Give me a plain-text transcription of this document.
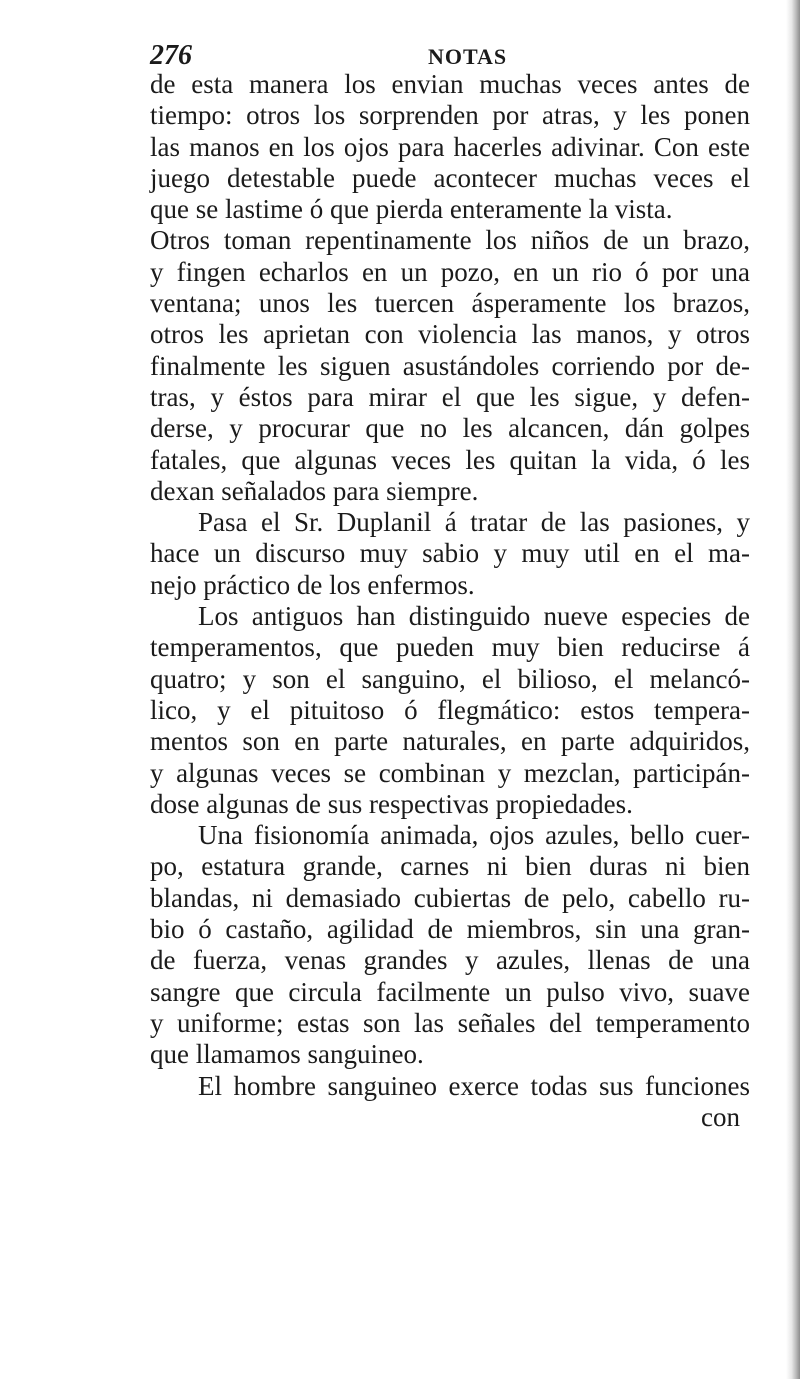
276	NOTAS
de esta manera los envian muchas veces antes de
tiempo: otros los sorprenden por atras, y les ponen
las manos en los ojos para hacerles adivinar. Con este
juego detestable puede acontecer muchas veces el
que se lastime ó que pierda enteramente la vista.
Otros toman repentinamente los niños de un brazo,
y fingen echarlos en un pozo, en un rio ó por una
ventana; unos les tuercen ásperamente los brazos,
otros les aprietan con violencia las manos, y otros
finalmente les siguen asustándoles corriendo por de-
tras, y éstos para mirar el que les sigue, y defen-
derse, y procurar que no les alcancen, dán golpes
fatales, que algunas veces les quitan la vida, ó les
dexan señalados para siempre.
Pasa el Sr. Duplanil á tratar de las pasiones, y
hace un discurso muy sabio y muy util en el ma-
nejo práctico de los enfermos.
Los antiguos han distinguido nueve especies de
temperamentos, que pueden muy bien reducirse á
quatro; y son el sanguino, el bilioso, el melancó-
lico, y el pituitoso ó flegmático: estos tempera-
mentos son en parte naturales, en parte adquiridos,
y algunas veces se combinan y mezclan, participán-
dose algunas de sus respectivas propiedades.
Una fisionomía animada, ojos azules, bello cuer-
po, estatura grande, carnes ni bien duras ni bien
blandas, ni demasiado cubiertas de pelo, cabello ru-
bio ó castaño, agilidad de miembros, sin una gran-
de fuerza, venas grandes y azules, llenas de una
sangre que circula facilmente un pulso vivo, suave
y uniforme; estas son las señales del temperamento
que llamamos sanguineo.
El hombre sanguineo exerce todas sus funciones
con
